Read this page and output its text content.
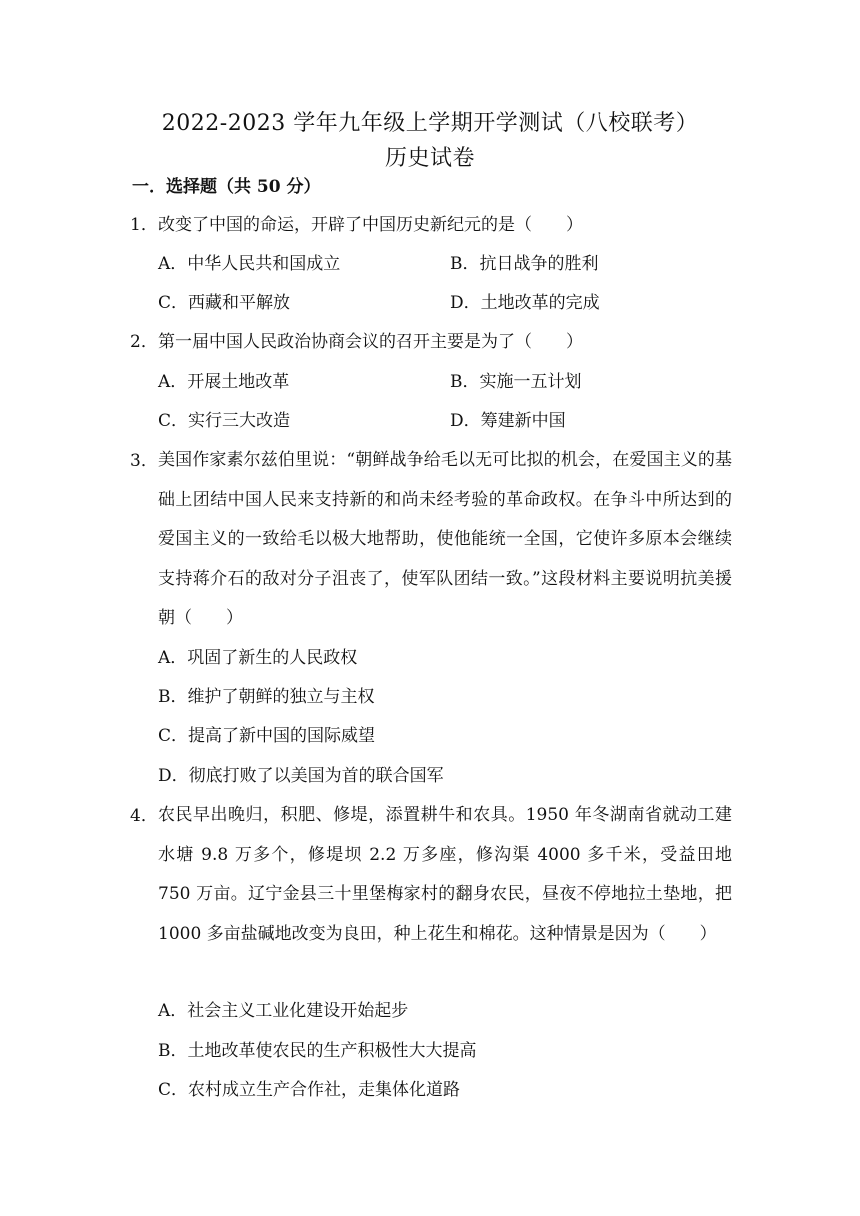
2022-2023 学年九年级上学期开学测试（八校联考）
历史试卷
一．选择题（共 50 分）
1． 改变了中国的命运，开辟了中国历史新纪元的是（　　）
A．中华人民共和国成立	B．抗日战争的胜利
C．西藏和平解放	D．土地改革的完成
2． 第一届中国人民政治协商会议的召开主要是为了（　　）
A．开展土地改革	B．实施一五计划
C．实行三大改造	D．筹建新中国
3． 美国作家素尔兹伯里说：“朝鲜战争给毛以无可比拟的机会，在爱国主义的基础上团结中国人民来支持新的和尚未经考验的革命政权。在争斗中所达到的爱国主义的一致给毛以极大地帮助，使他能统一全国，它使许多原本会继续支持蒋介石的敌对分子沮丧了，使军队团结一致。”这段材料主要说明抗美援朝（　　）

A．巩固了新生的人民政权
B．维护了朝鲜的独立与主权
C．提高了新中国的国际威望
D．彻底打败了以美国为首的联合国军
4． 农民早出晚归，积肥、修堤，添置耕牛和农具。1950 年冬湖南省就动工建水塘 9.8 万多个，修堤坝 2.2 万多座，修沟渠 4000 多千米，受益田地 750 万亩。辽宁金县三十里堡梅家村的翻身农民，昼夜不停地拉土垫地，把 1000 多亩盐碱地改变为良田，种上花生和棉花。这种情景是因为（　　）

A．社会主义工业化建设开始起步
B．土地改革使农民的生产积极性大大提高
C．农村成立生产合作社，走集体化道路
